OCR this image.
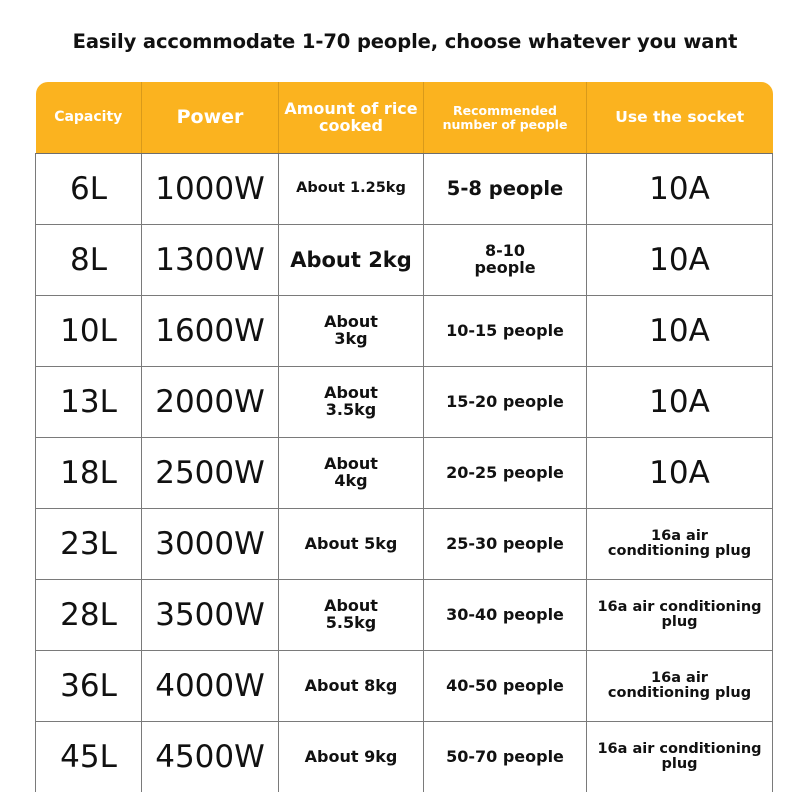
Easily accommodate 1-70 people, choose whatever you want
Capacity	Power	Amount of rice cooked	Recommended number of people	Use the socket
6L	1000W	About 1.25kg	5-8 people	10A
8L	1300W	About 2kg	8-10 people	10A
10L	1600W	About 3kg	10-15 people	10A
13L	2000W	About 3.5kg	15-20 people	10A
18L	2500W	About 4kg	20-25 people	10A
23L	3000W	About 5kg	25-30 people	16a air conditioning plug
28L	3500W	About 5.5kg	30-40 people	16a air conditioning plug
36L	4000W	About 8kg	40-50 people	16a air conditioning plug
45L	4500W	About 9kg	50-70 people	16a air conditioning plug
